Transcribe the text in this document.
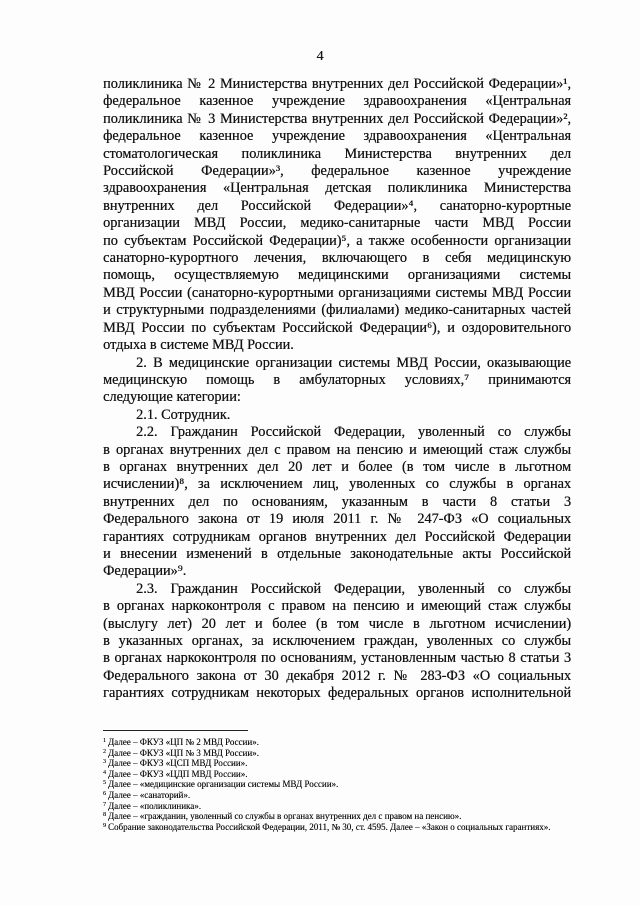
4
поликлиника № 2 Министерства внутренних дел Российской Федерации»¹,
федеральное казенное учреждение здравоохранения «Центральная
поликлиника № 3 Министерства внутренних дел Российской Федерации»²,
федеральное казенное учреждение здравоохранения «Центральная
стоматологическая поликлиника Министерства внутренних дел
Российской Федерации»³, федеральное казенное учреждение
здравоохранения «Центральная детская поликлиника Министерства
внутренних дел Российской Федерации»⁴, санаторно-курортные
организации МВД России, медико-санитарные части МВД России
по субъектам Российской Федерации)⁵, а также особенности организации
санаторно-курортного лечения, включающего в себя медицинскую
помощь, осуществляемую медицинскими организациями системы
МВД России (санаторно-курортными организациями системы МВД России
и структурными подразделениями (филиалами) медико-санитарных частей
МВД России по субъектам Российской Федерации⁶), и оздоровительного
отдыха в системе МВД России.
2. В медицинские организации системы МВД России, оказывающие
медицинскую помощь в амбулаторных условиях,⁷ принимаются
следующие категории:
2.1. Сотрудник.
2.2. Гражданин Российской Федерации, уволенный со службы
в органах внутренних дел с правом на пенсию и имеющий стаж службы
в органах внутренних дел 20 лет и более (в том числе в льготном
исчислении)⁸, за исключением лиц, уволенных со службы в органах
внутренних дел по основаниям, указанным в части 8 статьи 3
Федерального закона от 19 июля 2011 г. № 247-ФЗ «О социальных
гарантиях сотрудникам органов внутренних дел Российской Федерации
и внесении изменений в отдельные законодательные акты Российской
Федерации»⁹.
2.3. Гражданин Российской Федерации, уволенный со службы
в органах наркоконтроля с правом на пенсию и имеющий стаж службы
(выслугу лет) 20 лет и более (в том числе в льготном исчислении)
в указанных органах, за исключением граждан, уволенных со службы
в органах наркоконтроля по основаниям, установленным частью 8 статьи 3
Федерального закона от 30 декабря 2012 г. № 283-ФЗ «О социальных
гарантиях сотрудникам некоторых федеральных органов исполнительной
$^1$ Далее – ФКУЗ «ЦП № 2 МВД России».
$^2$ Далее – ФКУЗ «ЦП № 3 МВД России».
$^3$ Далее – ФКУЗ «ЦСП МВД России».
$^4$ Далее – ФКУЗ «ЦДП МВД России».
$^5$ Далее – «медицинские организации системы МВД России».
$^6$ Далее – «санаторий».
$^7$ Далее – «поликлиника».
$^8$ Далее – «гражданин, уволенный со службы в органах внутренних дел с правом на пенсию».
$^9$ Собрание законодательства Российской Федерации, 2011, № 30, ст. 4595. Далее – «Закон о социальных гарантиях».
